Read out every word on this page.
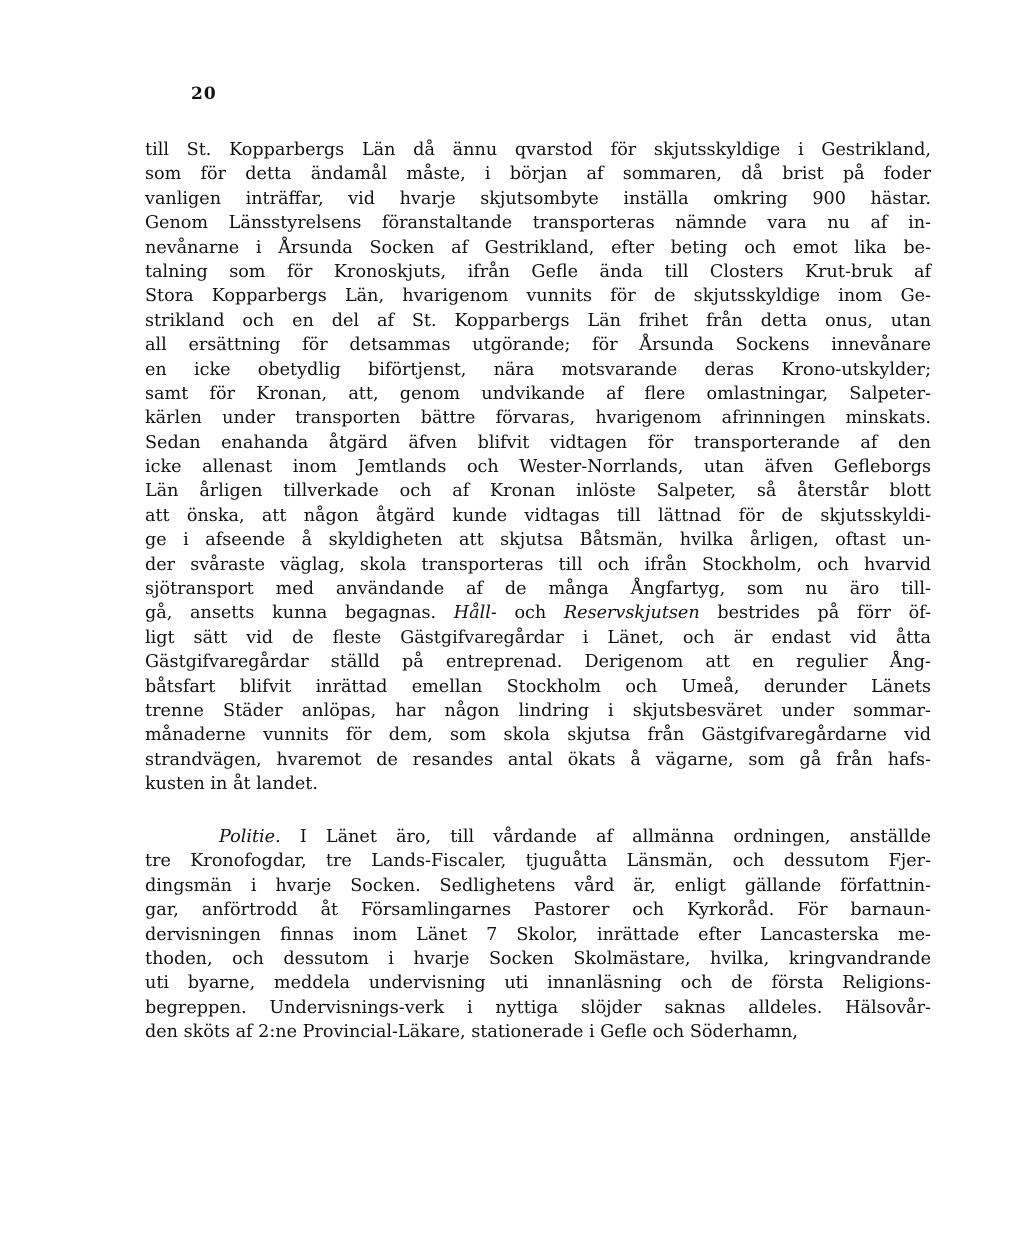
20
till St. Kopparbergs Län då ännu qvarstod för skjutsskyldige i Gestrikland,
som för detta ändamål måste, i början af sommaren, då brist på foder
vanligen inträffar, vid hvarje skjutsombyte inställa omkring 900 hästar.
Genom Länsstyrelsens föranstaltande transporteras nämnde vara nu af in-
nevånarne i Årsunda Socken af Gestrikland, efter beting och emot lika be-
talning som för Kronoskjuts, ifrån Gefle ända till Closters Krut-bruk af
Stora Kopparbergs Län, hvarigenom vunnits för de skjutsskyldige inom Ge-
strikland och en del af St. Kopparbergs Län frihet från detta onus, utan
all ersättning för detsammas utgörande; för Årsunda Sockens innevånare
en icke obetydlig biförtjenst, nära motsvarande deras Krono-utskylder;
samt för Kronan, att, genom undvikande af flere omlastningar, Salpeter-
kärlen under transporten bättre förvaras, hvarigenom afrinningen minskats.
Sedan enahanda åtgärd äfven blifvit vidtagen för transporterande af den
icke allenast inom Jemtlands och Wester-Norrlands, utan äfven Gefleborgs
Län årligen tillverkade och af Kronan inlöste Salpeter, så återstår blott
att önska, att någon åtgärd kunde vidtagas till lättnad för de skjutsskyldi-
ge i afseende å skyldigheten att skjutsa Båtsmän, hvilka årligen, oftast un-
der svåraste väglag, skola transporteras till och ifrån Stockholm, och hvarvid
sjötransport med användande af de många Ångfartyg, som nu äro till-
gå, ansetts kunna begagnas. Håll- och Reservskjutsen bestrides på förr öf-
ligt sätt vid de fleste Gästgifvaregårdar i Länet, och är endast vid åtta
Gästgifvaregårdar ställd på entreprenad. Derigenom att en regulier Ång-
båtsfart blifvit inrättad emellan Stockholm och Umeå, derunder Länets
trenne Städer anlöpas, har någon lindring i skjutsbesväret under sommar-
månaderne vunnits för dem, som skola skjutsa från Gästgifvaregårdarne vid
strandvägen, hvaremot de resandes antal ökats å vägarne, som gå från hafs-
kusten in åt landet.
Politie. I Länet äro, till vårdande af allmänna ordningen, anställde
tre Kronofogdar, tre Lands-Fiscaler, tjuguåtta Länsmän, och dessutom Fjer-
dingsmän i hvarje Socken. Sedlighetens vård är, enligt gällande författnin-
gar, anförtrodd åt Församlingarnes Pastorer och Kyrkoråd. För barnaun-
dervisningen finnas inom Länet 7 Skolor, inrättade efter Lancasterska me-
thoden, och dessutom i hvarje Socken Skolmästare, hvilka, kringvandrande
uti byarne, meddela undervisning uti innanläsning och de första Religions-
begreppen. Undervisnings-verk i nyttiga slöjder saknas alldeles. Hälsovår-
den sköts af 2:ne Provincial-Läkare, stationerade i Gefle och Söderhamn,
